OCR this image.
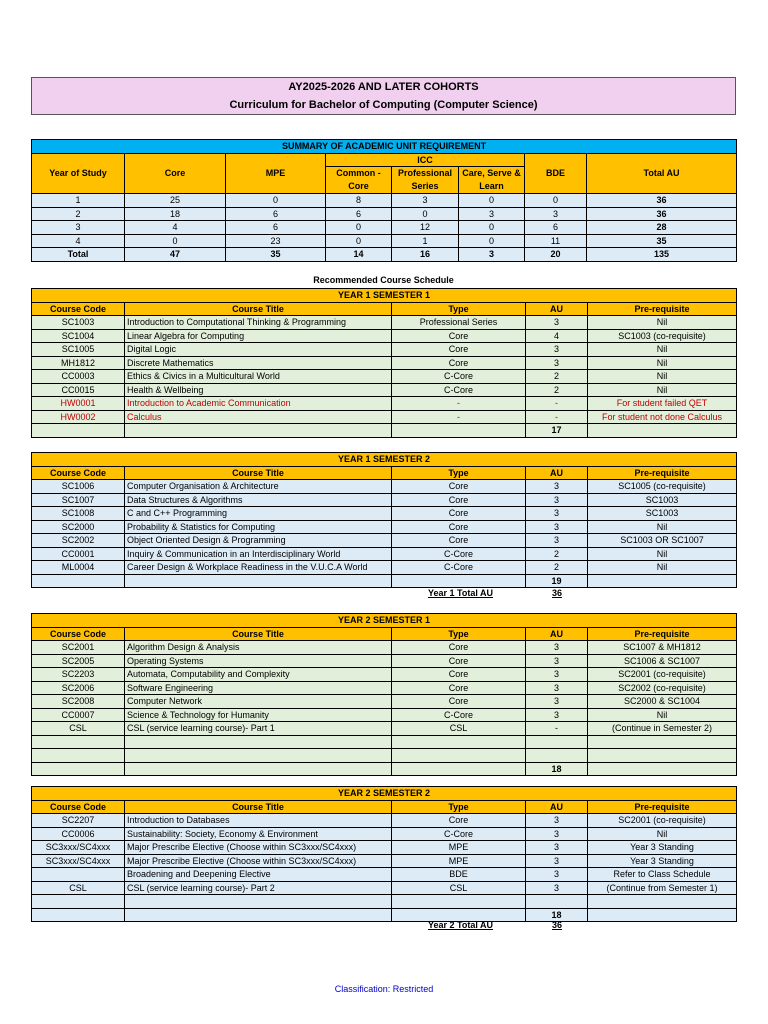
AY2025-2026 AND LATER COHORTS
Curriculum for Bachelor of Computing (Computer Science)
SUMMARY OF ACADEMIC UNIT REQUIREMENT							
Year of Study	Core	MPE	ICC			BDE	Total AU
			Common - Core	Professional Series	Care, Serve & Learn		

1	25	0	8	3	0	0	36
2	18	6	6	0	3	3	36
3	4	6	0	12	0	6	28
4	0	23	0	1	0	11	35
Total	47	35	14	16	3	20	135
Recommended Course Schedule
YEAR 1 SEMESTER 1				
Course Code	Course Title	Type	AU	Pre-requisite
SC1003	Introduction to Computational Thinking & Programming	Professional Series	3	Nil
SC1004	Linear Algebra for Computing	Core	4	SC1003 (co-requisite)
SC1005	Digital Logic	Core	3	Nil
MH1812	Discrete Mathematics	Core	3	Nil
CC0003	Ethics & Civics in a Multicultural World	C-Core	2	Nil
CC0015	Health & Wellbeing	C-Core	2	Nil
HW0001	Introduction to Academic Communication	-	-	For student failed QET
HW0002	Calculus	-	-	For student not done Calculus
			17	
YEAR 1 SEMESTER 2				
Course Code	Course Title	Type	AU	Pre-requisite
SC1006	Computer Organisation & Architecture	Core	3	SC1005 (co-requisite)
SC1007	Data Structures & Algorithms	Core	3	SC1003
SC1008	C and C++ Programming	Core	3	SC1003
SC2000	Probability & Statistics for Computing	Core	3	Nil
SC2002	Object Oriented Design & Programming	Core	3	SC1003 OR SC1007
CC0001	Inquiry & Communication in an Interdisciplinary World	C-Core	2	Nil
ML0004	Career Design & Workplace Readiness in the V.U.C.A World	C-Core	2	Nil
			19	
Year 1 Total AU	36
YEAR 2 SEMESTER 1				
Course Code	Course Title	Type	AU	Pre-requisite
SC2001	Algorithm Design & Analysis	Core	3	SC1007 & MH1812
SC2005	Operating Systems	Core	3	SC1006 & SC1007
SC2203	Automata, Computability and Complexity	Core	3	SC2001 (co-requisite)
SC2006	Software Engineering	Core	3	SC2002 (co-requisite)
SC2008	Computer Network	Core	3	SC2000 & SC1004
CC0007	Science & Technology for Humanity	C-Core	3	Nil
CSL	CSL (service learning course)- Part 1	CSL	-	(Continue in Semester 2)

			18	
YEAR 2 SEMESTER 2				
Course Code	Course Title	Type	AU	Pre-requisite
SC2207	Introduction to Databases	Core	3	SC2001 (co-requisite)
CC0006	Sustainability: Society, Economy & Environment	C-Core	3	Nil
SC3xxx/SC4xxx	Major Prescribe Elective (Choose within SC3xxx/SC4xxx)	MPE	3	Year 3 Standing
SC3xxx/SC4xxx	Major Prescribe Elective (Choose within SC3xxx/SC4xxx)	MPE	3	Year 3 Standing
	Broadening and Deepening Elective	BDE	3	Refer to Class Schedule
CSL	CSL (service learning course)- Part 2	CSL	3	(Continue from Semester 1)

			18	
Year 2 Total AU	36
Classification: Restricted
